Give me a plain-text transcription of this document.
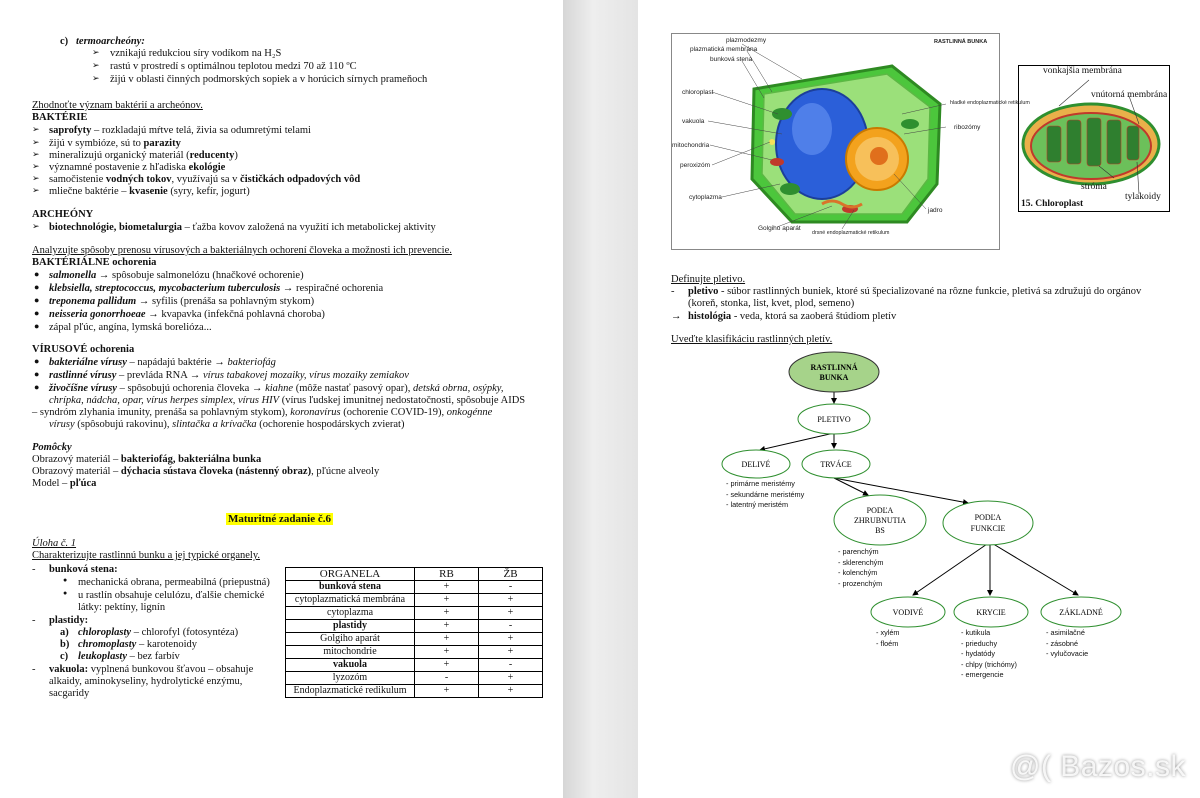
c) termoarcheóny:
➢ vznikajú redukciou síry vodíkom na H₂S
➢ rastú v prostredí s optimálnou teplotou medzi 70 až 110 ºC
➢ žijú v oblasti činných podmorských sopiek a v horúcich sírnych prameňoch
Zhodnoťte význam baktérií a archeónov.
BAKTÉRIE
➢ saprofyty – rozkladajú mŕtve telá, živia sa odumretými telami
➢ žijú v symbióze, sú to parazity
➢ mineralizujú organický materiál (reducenty)
➢ významné postavenie z hľadiska ekológie
➢ samočistenie vodných tokov, využívajú sa v čističkách odpadových vôd
➢ mliečne baktérie – kvasenie (syry, kefír, jogurt)
ARCHEÓNY
➢ biotechnológie, biometalurgia – ťažba kovov založená na využití ich metabolickej aktivity
Analyzujte spôsoby prenosu vírusových a bakteriálnych ochorení človeka a možnosti ich prevencie.
BAKTÉRIÁLNE ochorenia
● salmonella → spôsobuje salmonelózu (hnačkové ochorenie)
● klebsiella, streptococcus, mycobacterium tuberculosis → respiračné ochorenia
● treponema pallidum → syfilis (prenáša sa pohlavným stykom)
● neisseria gonorrhoeae → kvapavka (infekčná pohlavná choroba)
● zápal pľúc, angína, lymská borelióza...
VÍRUSOVÉ ochorenia
● bakteriálne vírusy – napádajú baktérie → bakteriofág
● rastlinné vírusy – prevláda RNA → vírus tabakovej mozaiky, vírus mozaiky zemiakov
● živočíšne vírusy – spôsobujú ochorenia človeka → kiahne (môže nastať pasový opar), detská obrna, osýpky,
chrípka, nádcha, opar, vírus herpes simplex, vírus HIV (vírus ľudskej imunitnej nedostatočnosti, spôsobuje AIDS
– syndróm zlyhania imunity, prenáša sa pohlavným stykom), koronavírus (ochorenie COVID-19), onkogénne
vírusy (spôsobujú rakovinu), slintačka a krívačka (ochorenie hospodárskych zvierat)
Pomôcky
Obrazový materiál – bakteriofág, bakteriálna bunka
Obrazový materiál – dýchacia sústava človeka (nástenný obraz), pľúcne alveoly
Model – pľúca
Maturitné zadanie č.6
Úloha č. 1
Charakterizujte rastlinnú bunku a jej typické organely.
- bunková stena:
● mechanická obrana, permeabilná (priepustná)
● u rastlín obsahuje celulózu, ďalšie chemické
látky: pektíny, lignín
- plastidy:
a) chloroplasty – chlorofyl (fotosyntéza)
b) chromoplasty – karotenoidy
c) leukoplasty – bez farbív
- vakuola: vyplnená bunkovou šťavou – obsahuje
alkaidy, aminokyseliny, hydrolytické enzýmu,
sacgaridy
ORGANELA	RB	ŽB
bunková stena	+	-
cytoplazmatická membrána	+	+
cytoplazma	+	+
plastidy	+	-
Golgiho aparát	+	+
mitochondrie	+	+
vakuola	+	-
lyzozóm	-	+
Endoplazmatické redikulum	+	+
RASTLINNÁ BUNKA
plazmodezmy
plazmatická membrána
bunková stena
chloroplast
vakuola
mitochondria
peroxizóm
cytoplazma
hladké endoplazmatické retikulum
ribozómy
jadro
Golgiho aparát
drsné endoplazmatické retikulum
vonkajšia membrána
vnútorná membrána
stróma
tylakoidy
15. Chloroplast
Definujte pletivo.
- pletivo - súbor rastlinných buniek, ktoré sú špecializované na rôzne funkcie, pletivá sa združujú do orgánov
(koreň, stonka, list, kvet, plod, semeno)
→ histológia - veda, ktorá sa zaoberá štúdiom pletív
Uveďte klasifikáciu rastlinných pletív.
RASTLINNÁ
BUNKA
PLETIVO
DELIVÉ	TRVÁCE
PODĽA
ZHRUBNUTIA
BS
PODĽA
FUNKCIE
VODIVÉ	KRYCIE	ZÁKLADNÉ
- primárne meristémy
- sekundárne meristémy
- latentný meristém
- parenchým
- sklerenchým
- kolenchým
- prozenchým
- xylém
- floém
- kutikula
- prieduchy
- hydatódy
- chlpy (trichómy)
- emergencie
- asimilačné
- zásobné
- vylučovacie
@( Bazos.sk
